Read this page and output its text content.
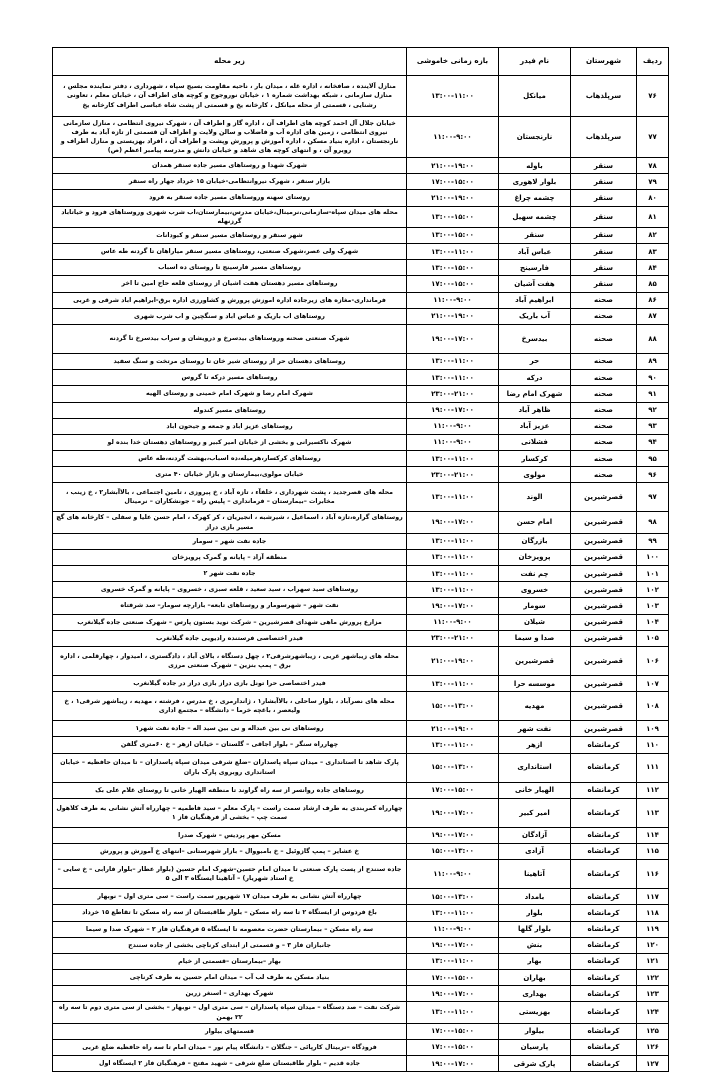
ردیف	شهرستان	نام فیدر	بازه زمانی خاموشی	زیر محله
۷۶	سرپلذهاب	میانکل	۱۳:۰۰-۱۱:۰۰	منازل آلاینده ، صافخانه ، اداره غله ، میدان بار ، ناحیه مقاومت بسیج سپاه ، شهرداری ، دفتر نماینده مجلس ، منازل سازمانی ، شبکه بهداشت شماره ۱ ، خیابان نوروجوج و کوچه های اطراف آن ، خیابان معلم ، تعاونی رشنایی ، قسمتی از محله میانکل ، کارخانه یخ و قسمتی از پشت شاه عباسی اطراف کارخانه یخ
۷۷	سرپلذهاب	نارنجستان	۱۱:۰۰-۹:۰۰	خیابان جلال آل احمد کوچه های اطراف آن ، اداره گاز و اطراف آن ، شهرک نیروی انتظامی ، منازل سازمانی نیروی انتظامی ، زمین های اداره آب و فاضلاب و سالن ولایت و اطراف آن قسمتی از تازه آباد به طرف نارنجستان ، اداره بنیاد مسکن ، اداره آموزش و پرورش وپشت و اطراف آن ، افراد بهزیستی و منازل اطراف و روبرو آن ، و انتهای کوچه های شاهد و خیابان دانش و مدرسه پیامبر اعظم (ص)
۷۸	سنقر	باوله	۲۱:۰۰-۱۹:۰۰	شهرک شهدا و روستاهای مسیر جاده سنقر همدان
۷۹	سنقر	بلوار لاهوری	۱۷:۰۰-۱۵:۰۰	بازار سنقر ، شهرک نیروانتظامی-خیابان ۱۵ خرداد جهار راه سنقر
۸۰	سنقر	چشمه چراغ	۲۱:۰۰-۱۹:۰۰	روستای سهنه وروستاهای مسیر جاده سنقر به فرود
۸۱	سنقر	چشمه سهیل	۱۳:۰۰-۱۵:۰۰	محله های میدان سپاه-سازمانی،نرمینال،خیابان مدرس،بیمارستان،اب شرب شهری وروستاهای فرود و خیاتاباد گرزنهله
۸۲	سنقر	سنقر	۱۳:۰۰-۱۵:۰۰	شهر سنقر و روستاهای مسیر سنقر و کبودانات
۸۳	سنقر	عباس آباد	۱۳:۰۰-۱۱:۰۰	شهرک ولی عصر،شهرک صنعتی، روستاهای مسیر سنقر میاراهان تا گردنه طه عاس
۸۴	سنقر	فارسینج	۱۳:۰۰-۱۵:۰۰	روستاهای مسیر فارسینج تا روستای ده اسباب
۸۵	سنقر	هفت آشیان	۱۷:۰۰-۱۵:۰۰	روستاهای مسیر دهستان هفت اشیان از روستای قلعه حاج امین تا اخر
۸۶	صحنه	ابراهیم آباد	۱۱:۰۰-۹:۰۰	فرمانداری-مغازه های زیرجاده اداره اموزش پرورش و کشاورزی اداره برق-ابراهیم اباد شرقی و غربی
۸۷	صحنه	آب باریک	۲۱:۰۰-۱۹:۰۰	روستاهای اب باریک و عباس اباد و سنگچین و اب شرب شهری
۸۸	صحنه	بیدسرخ	۱۹:۰۰-۱۷:۰۰	شهرک صنعتی صحنه وروستاهای بیدسرخ و درویشان و سراب بیدسرخ تا گردنه
۸۹	صحنه	حر	۱۳:۰۰-۱۱:۰۰	روستاهای دهستان حر از روستای شیر خان تا روستای مرتخت و سنگ سفید
۹۰	صحنه	درکه	۱۳:۰۰-۱۱:۰۰	روستاهای مسیر درکه تا گروس
۹۱	صحنه	شهرک امام رضا	۲۳:۰۰-۲۱:۰۰	شهرک امام رضا و شهرک امام خمینی و روستای الهیه
۹۲	صحنه	ظاهر آباد	۱۹:۰۰-۱۷:۰۰	روستاهای مسیر کندوله
۹۳	صحنه	عزیز آباد	۱۱:۰۰-۹:۰۰	روستاهای عزیز اباد و جمعه و جیحون اباد
۹۴	صحنه	فشلانی	۱۱:۰۰-۹:۰۰	شهرک ناکسیرانی و بخشی از خیابان امیر کبیر و روستاهای دهستان خدا بنده لو
۹۵	صحنه	کرکسار	۱۳:۰۰-۱۱:۰۰	روستاهای کرکسار،هرمیله،ده اسباب،بهشت گردنه،طه عاس
۹۶	صحنه	مولوی	۲۳:۰۰-۲۱:۰۰	خیابان مولوی،بیمارستان و بازار خیابان ۴۰ متری
۹۷	قصرشیرین	الوند	۱۳:۰۰-۱۱:۰۰	محله های قصرجدید ، پشت شهرداری ، خلفآء ، تازه آباد ، خ پیروزی ، تامین اجتماعی ، بالاآبشار۲ ، خ زینب ، مخابرات –بیمارستان – فرمانداری – پلیس راه – جونشکاران – نرمینال
۹۸	قصرشیرین	امام حسن	۱۹:۰۰-۱۷:۰۰	روستاهای گراره،تازه آباد ، اسماعیل ، شیرشبه ، انجیریان ، کر کهرک ، امام حسن علیا و سفلی – کارخانه های گچ مسیر بازی دراز
۹۹	قصرشیرین	بازرگان	۱۳:۰۰-۱۱:۰۰	جاده نفت شهر – سومار
۱۰۰	قصرشیرین	پرویزخان	۱۳:۰۰-۱۱:۰۰	منطقه آزاد – پایانه و گمرک پرویزخان
۱۰۱	قصرشیرین	چم نفت	۱۳:۰۰-۱۱:۰۰	جاده نفت شهر ۲
۱۰۲	قصرشیرین	خسروی	۱۳:۰۰-۱۱:۰۰	روستاهای سید سهراب ، سید سعید ، قلعه سبزی ، خسروی – پایانه و گمرک خسروی
۱۰۳	قصرشیرین	سومار	۱۹:۰۰-۱۷:۰۰	نفت شهر – شهرسومار و روستاهای تابعه– بازارچه سومار– سد شرفتاه
۱۰۴	قصرشیرین	شیلان	۱۱:۰۰-۹:۰۰	مزارع پرورش ماهی شهدای قصرشیرین – شرکت نوید بستون پارس – شهرک صنعتی جاده گیلانغرب
۱۰۵	قصرشیرین	صدا و سیما	۲۳:۰۰-۲۱:۰۰	فیدر اختصاصی فرستنده رادیویی جاده گیلانغرب
۱۰۶	قصرشیرین	قصرشیرین	۲۱:۰۰-۱۹:۰۰	محله های زیباشهر غربی ، زیباشهرشرقی۲ ، چهل دستگاه ، بالای آباد ، دادگستری ، امیدوار ، چهارقلمی ، اداره برق – پمپ بنزین – شهرک صنعتی مرزی
۱۰۷	قصرشیرین	موسسه حرا	۱۳:۰۰-۱۱:۰۰	فیدر اختصاصی حرا تونل بازی دراز بازی دراز در جاده گیلانغرب
۱۰۸	قصرشیرین	مهدیه	۱۵:۰۰-۱۳:۰۰	محله های نصرآباد ، بلوار ساحلی ، بالاآبشار۱ ، ژاندارمری ، خ مدرس ، فرشته ، مهدیه ، زیباشهر شرقی۱ ، خ ولیعصر ، باغچه خرما – دانشگاه – مجتمع اداری
۱۰۹	قصرشیرین	نفت شهر	۲۱:۰۰-۱۹:۰۰	روستاهای نی بین عبداله و نی بین سید اله – جاده نفت شهر۱
۱۱۰	کرمانشاه	ازهر	۱۳:۰۰-۱۱:۰۰	چهارراه سنگر – بلوار اجاقی – گلستان – خیابان ازهر – خ ۶۰متری گلفن
۱۱۱	کرمانشاه	استانداری	۱۵:۰۰-۱۳:۰۰	پارک شاهد تا استانداری – میدان سپاه پاسداران –ضلع شرقی میدان سپاه پاسداران – تا میدان حافظیه – خیابان استانداری روبروی پارک باران
۱۱۲	کرمانشاه	الهیار خانی	۱۷:۰۰-۱۵:۰۰	روستاهای جاده روانسر از سه راه گراوند تا منطقه الهیار خانی تا روستای غلام علی بک
۱۱۳	کرمانشاه	امیر کبیر	۱۹:۰۰-۱۷:۰۰	چهارراه کمربندی به طرف ارشاد سمت راست – پارک معلم – سید فاطمیه – چهارراه آتش نشانی به طرف کلاهول سمت چپ – بخشی از فرهنگیان فاز ۱
۱۱۴	کرمانشاه	آزادگان	۱۹:۰۰-۱۷:۰۰	مسکن مهر پردیس – شهرک صدرا
۱۱۵	کرمانشاه	آزادی	۱۵:۰۰-۱۳:۰۰	خ عشایر – پمپ گازوئیل – خ بامبووال – بازار شهرستانی –انتهای خ آموزش و پرورش
۱۱۶	کرمانشاه	آتاهینا	۱۱:۰۰-۹:۰۰	جاده سنندج از پست پارک صنعتی تا میدان امام حسین–شهرک امام حسین (بلوار عطار –بلوار فارابی – خ سایی – خ استاد شهریار) – آتاهینا ایستگاه ۳ الی ۵
۱۱۷	کرمانشاه	بامداد	۱۵:۰۰-۱۳:۰۰	چهارراه آتش نشانی به طرف میدان ۱۷ شهریور سمت راست – سی متری اول – نوبهار
۱۱۸	کرمانشاه	بلوار	۱۳:۰۰-۱۱:۰۰	باغ فردوس از ایستگاه ۲ تا سه راه مسکن – بلوار طاقبستان از سه راه مسکن تا تقاطع ۱۵ خرداد
۱۱۹	کرمانشاه	بلوار گلها	۱۱:۰۰-۹:۰۰	سه راه مسکن – بیمارستان حضرت معصومه تا ایستگاه ۵ فرهنگیان فاز ۲ – شهرک صدا و سیما
۱۲۰	کرمانشاه	بنش	۱۹:۰۰-۱۷:۰۰	جانبازان فاز ۳ – و قسمتی از ابتدای کرناچی بخشی از جاده سنندج
۱۲۱	کرمانشاه	بهار	۱۳:۰۰-۱۱:۰۰	بهار –بیمارستان –قسمتی از خیام
۱۲۲	کرمانشاه	بهاران	۱۷:۰۰-۱۵:۰۰	بنیاد مسکن به طرف لب آب – میدان امام حسین به طرف کرناچی
۱۲۳	کرمانشاه	بهداری	۱۹:۰۰-۱۷:۰۰	شهرک بهداری – اسنغر زرین
۱۲۴	کرمانشاه	بهزیستی	۱۳:۰۰-۱۱:۰۰	شرکت نفت – صد دستگاه – میدان سپاه پاسداران – سی متری اول – نوبهار – بخشی از سی متری دوم تا سه راه ۲۲ بهمن
۱۲۵	کرمانشاه	بیلوار	۱۷:۰۰-۱۵:۰۰	قسمتهای بیلوار
۱۲۶	کرمانشاه	پارسیان	۱۷:۰۰-۱۵:۰۰	فرودگاه –تربیتال کارپائی – جنگلان – دانشگاه پیام نور – میدان امام تا سه راه حافظیه ضلع غربی
۱۲۷	کرمانشاه	پارک شرقی	۱۹:۰۰-۱۷:۰۰	جاده قدیم – بلوار طاقبستان ضلع شرقی – شهید مفتح – فرهنگیان فاز ۲ ایستگاه اول
